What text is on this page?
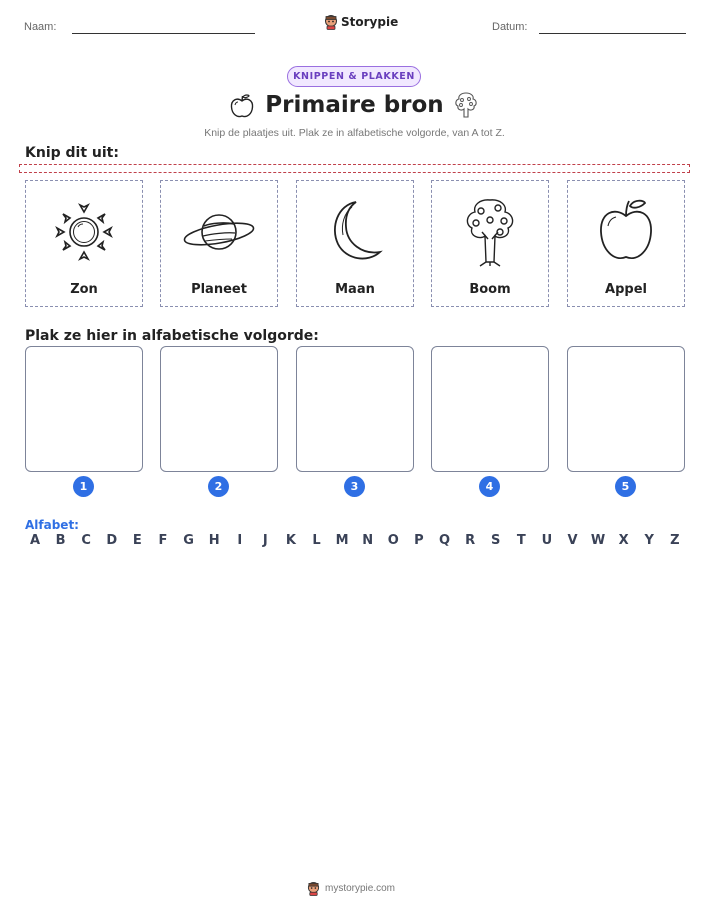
Naam:	Storypie	Datum:
KNIPPEN & PLAKKEN
Primaire bron
Knip de plaatjes uit. Plak ze in alfabetische volgorde, van A tot Z.
Knip dit uit:
Zon	Planeet	Maan	Boom	Appel
Plak ze hier in alfabetische volgorde:
1	2	3	4	5
Alfabet:
A	B	C	D	E	F	G	H	I	J	K	L	M	N	O	P	Q	R	S	T	U	V	W	X	Y	Z
mystorypie.com
